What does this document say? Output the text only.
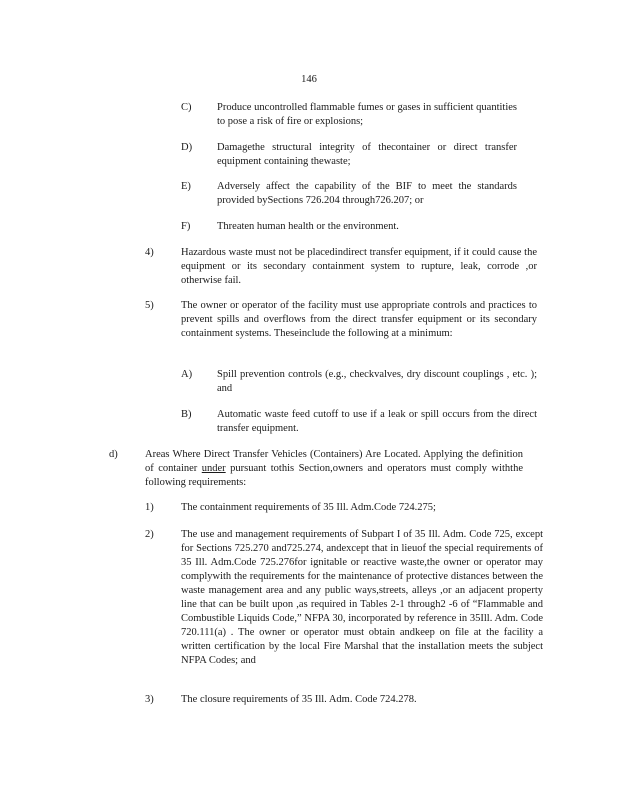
146
C) Produce uncontrolled flammable fumes or gases in sufficient quantities to pose a risk of fire or explosions;
D) Damagethe structural integrity of thecontainer or direct transfer equipment containing thewaste;
E) Adversely affect the capability of the BIF to meet the standards provided bySections 726.204 through726.207; or
F)	Threaten human health or the environment.
4)	Hazardous waste must not be placedindirect transfer equipment, if it could cause the equipment or its secondary containment system to rupture, leak, corrode ,or otherwise fail.
5)	The owner or operator of the facility must use appropriate controls and practices to prevent spills and overflows from the direct transfer equipment or its secondary containment systems. Theseinclude the following at a minimum:
A) Spill prevention controls (e.g., checkvalves, dry discount couplings , etc. ); and
B) Automatic waste feed cutoff to use if a leak or spill occurs from the direct transfer equipment.
d)	Areas Where Direct Transfer Vehicles (Containers) Are Located. Applying the definition of container under pursuant tothis Section,owners and operators must comply withthe following requirements:
1)	The containment requirements of 35 Ill. Adm.Code 724.275;
2)	The use and management requirements of Subpart I of 35 Ill. Adm. Code 725, except for Sections 725.270 and725.274, andexcept that in lieuof the special requirements of 35 Ill. Adm.Code 725.276for ignitable or reactive waste,the owner or operator may complywith the requirements for the maintenance of protective distances between the waste management area and any public ways,streets, alleys ,or an adjacent property line that can be built upon ,as required in Tables 2-1 through2 -6 of “Flammable and Combustible Liquids Code,” NFPA 30, incorporated by reference in 35Ill. Adm. Code 720.111(a) . The owner or operator must obtain andkeep on file at the facility a written certification by the local Fire Marshal that the installation meets the subject NFPA Codes; and
3)	The closure requirements of 35 Ill. Adm. Code 724.278.
